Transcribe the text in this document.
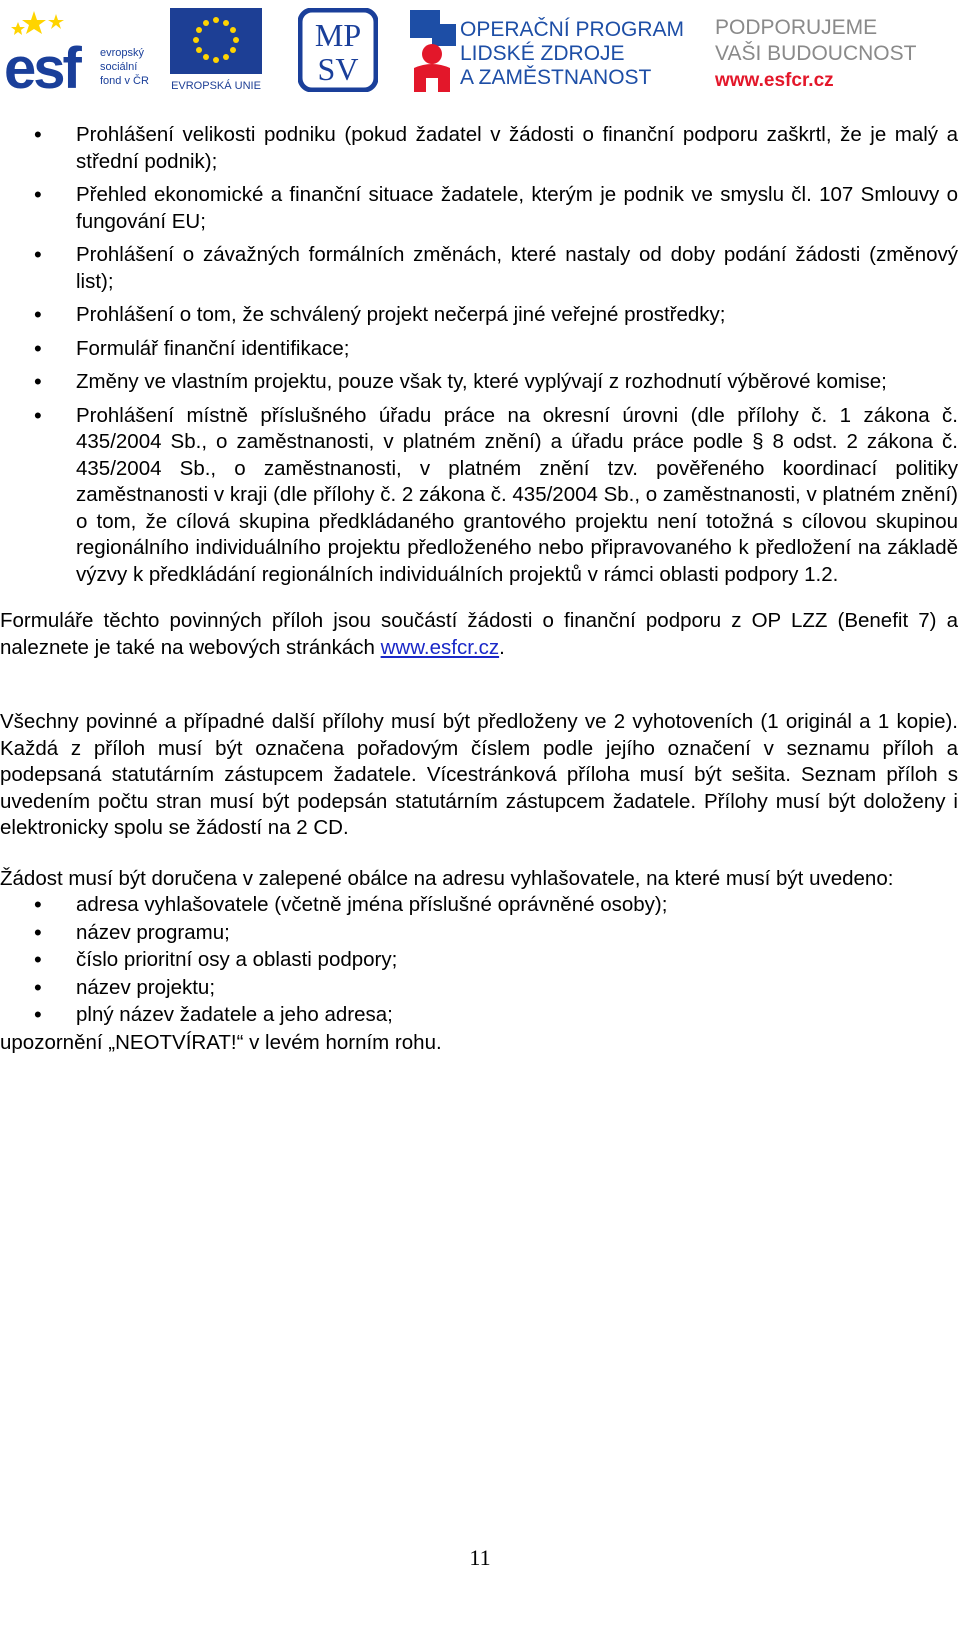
esf	evropský
sociální
fond v ČR EVROPSKÁ UNIE
MP
SV
OPERAČNÍ PROGRAM
LIDSKÉ ZDROJE
A ZAMĚSTNANOST
PODPORUJEME
VAŠI BUDOUCNOST
www.esfcr.cz
• Prohlášení velikosti podniku (pokud žadatel v žádosti o finanční podporu zaškrtl, že je malý a střední podnik);
• Přehled ekonomické a finanční situace žadatele, kterým je podnik ve smyslu čl. 107 Smlouvy o fungování EU;
• Prohlášení o závažných formálních změnách, které nastaly od doby podání žádosti (změnový list);
• Prohlášení o tom, že schválený projekt nečerpá jiné veřejné prostředky;
• Formulář finanční identifikace;
• Změny ve vlastním projektu, pouze však ty, které vyplývají z rozhodnutí výběrové komise;
• Prohlášení místně příslušného úřadu práce na okresní úrovni (dle přílohy č. 1 zákona č. 435/2004 Sb., o zaměstnanosti, v platném znění) a úřadu práce podle § 8 odst. 2 zákona č. 435/2004 Sb., o zaměstnanosti, v platném znění tzv. pověřeného koordinací politiky zaměstnanosti v kraji (dle přílohy č. 2 zákona č. 435/2004 Sb., o zaměstnanosti, v platném znění) o tom, že cílová skupina předkládaného grantového projektu není totožná s cílovou skupinou regionálního individuálního projektu předloženého nebo připravovaného k předložení na základě výzvy k předkládání regionálních individuálních projektů v rámci oblasti podpory 1.2.

Formuláře těchto povinných příloh jsou součástí žádosti o finanční podporu z OP LZZ (Benefit 7) a naleznete je také na webových stránkách www.esfcr.cz.

Všechny povinné a případné další přílohy musí být předloženy ve 2 vyhotoveních (1 originál a 1 kopie). Každá z příloh musí být označena pořadovým číslem podle jejího označení v seznamu příloh a podepsaná statutárním zástupcem žadatele. Vícestránková příloha musí být sešita. Seznam příloh s uvedením počtu stran musí být podepsán statutárním zástupcem žadatele. Přílohy musí být doloženy i elektronicky spolu se žádostí na 2 CD.

Žádost musí být doručena v zalepené obálce na adresu vyhlašovatele, na které musí být uvedeno:

• adresa vyhlašovatele (včetně jména příslušné oprávněné osoby);
• název programu;
• číslo prioritní osy a oblasti podpory;
• název projektu;
• plný název žadatele a jeho adresa;

upozornění „NEOTVÍRAT!“ v levém horním rohu.

11
